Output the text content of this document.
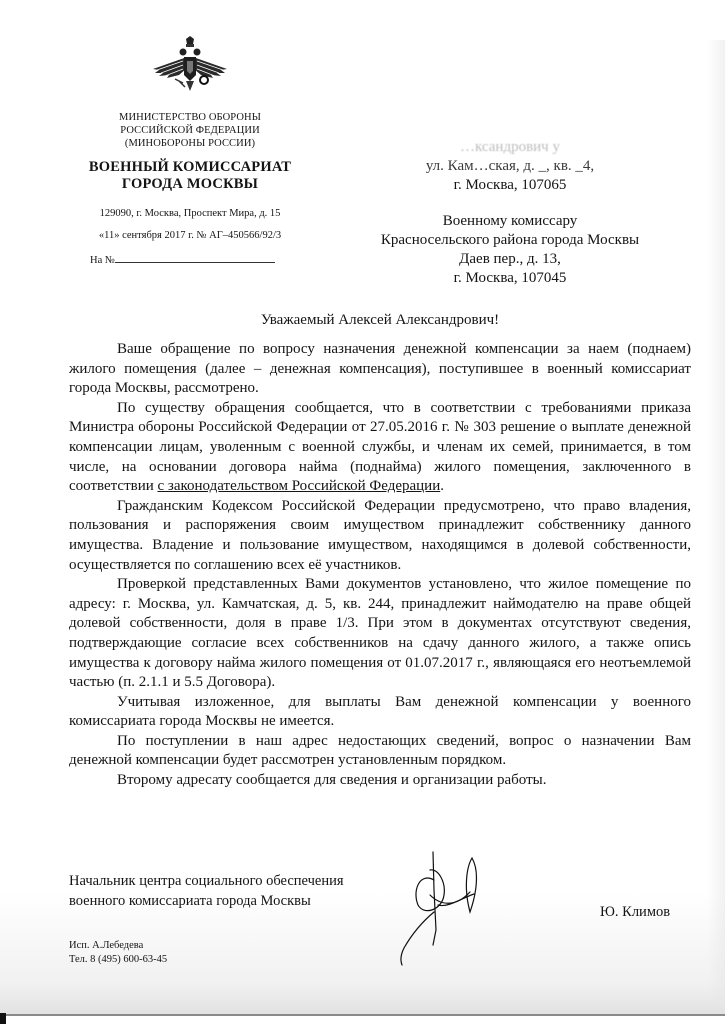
МИНИСТЕРСТВО ОБОРОНЫ
РОССИЙСКОЙ ФЕДЕРАЦИИ
(МИНОБОРОНЫ РОССИИ)
ВОЕННЫЙ КОМИССАРИАТ
ГОРОДА МОСКВЫ
129090, г. Москва, Проспект Мира, д. 15
«11» сентября 2017 г. № АГ–450566/92/3
На №
…ксандрович у
ул. Кам…ская, д. _, кв. _4,
г. Москва, 107065
Военному комиссару
Красносельского района города Москвы
Даев пер., д. 13,
г. Москва, 107045
Уважаемый Алексей Александрович!

Ваше обращение по вопросу назначения денежной компенсации за наем (поднаем) жилого помещения (далее – денежная компенсация), поступившее в военный комиссариат города Москвы, рассмотрено.

По существу обращения сообщается, что в соответствии с требованиями приказа Министра обороны Российской Федерации от 27.05.2016 г. № 303 решение о выплате денежной компенсации лицам, уволенным с военной службы, и членам их семей, принимается, в том числе, на основании договора найма (поднайма) жилого помещения, заключенного в соответствии с законодательством Российской Федерации.

Гражданским Кодексом Российской Федерации предусмотрено, что право владения, пользования и распоряжения своим имуществом принадлежит собственнику данного имущества. Владение и пользование имуществом, находящимся в долевой собственности, осуществляется по соглашению всех её участников.

Проверкой представленных Вами документов установлено, что жилое помещение по адресу: г. Москва, ул. Камчатская, д. 5, кв. 244, принадлежит наймодателю на праве общей долевой собственности, доля в праве 1/3. При этом в документах отсутствуют сведения, подтверждающие согласие всех собственников на сдачу данного жилого, а также опись имущества к договору найма жилого помещения от 01.07.2017 г., являющаяся его неотъемлемой частью (п. 2.1.1 и 5.5 Договора).

Учитывая изложенное, для выплаты Вам денежной компенсации у военного комиссариата города Москвы не имеется.

По поступлении в наш адрес недостающих сведений, вопрос о назначении Вам денежной компенсации будет рассмотрен установленным порядком.

Второму адресату сообщается для сведения и организации работы.

Начальник центра социального обеспечения
военного комиссариата города Москвы
Ю. Климов
Исп. А.Лебедева
Тел. 8 (495) 600-63-45
